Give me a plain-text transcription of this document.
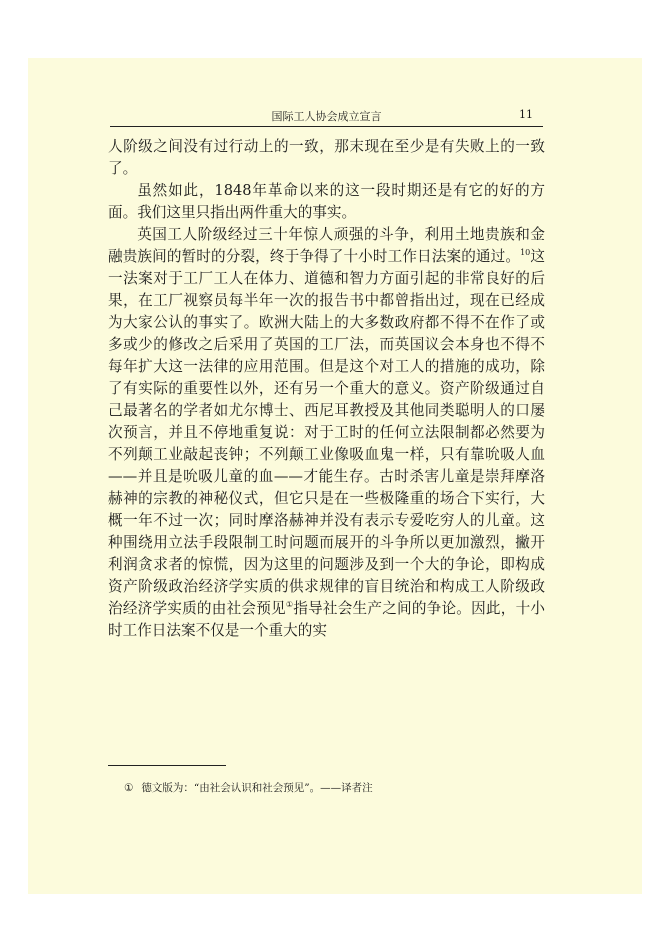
国际工人协会成立宣言	11

人阶级之间没有过行动上的一致，那末现在至少是有失败上的一致了。

虽然如此，1848年革命以来的这一段时期还是有它的好的方面。我们这里只指出两件重大的事实。

英国工人阶级经过三十年惊人顽强的斗争，利用土地贵族和金融贵族间的暂时的分裂，终于争得了十小时工作日法案的通过。$^{10}$这一法案对于工厂工人在体力、道德和智力方面引起的非常良好的后果，在工厂视察员每半年一次的报告书中都曾指出过，现在已经成为大家公认的事实了。欧洲大陆上的大多数政府都不得不在作了或多或少的修改之后采用了英国的工厂法，而英国议会本身也不得不每年扩大这一法律的应用范围。但是这个对工人的措施的成功，除了有实际的重要性以外，还有另一个重大的意义。资产阶级通过自己最著名的学者如尤尔博士、西尼耳教授及其他同类聪明人的口屡次预言，并且不停地重复说：对于工时的任何立法限制都必然要为不列颠工业敲起丧钟；不列颠工业像吸血鬼一样，只有靠吮吸人血——并且是吮吸儿童的血——才能生存。古时杀害儿童是崇拜摩洛赫神的宗教的神秘仪式，但它只是在一些极隆重的场合下实行，大概一年不过一次；同时摩洛赫神并没有表示专爱吃穷人的儿童。这种围绕用立法手段限制工时问题而展开的斗争所以更加激烈，撇开利润贪求者的惊慌，因为这里的问题涉及到一个大的争论，即构成资产阶级政治经济学实质的供求规律的盲目统治和构成工人阶级政治经济学实质的由社会预见①指导社会生产之间的争论。因此，十小时工作日法案不仅是一个重大的实

① 德文版为：“由社会认识和社会预见”。——译者注
